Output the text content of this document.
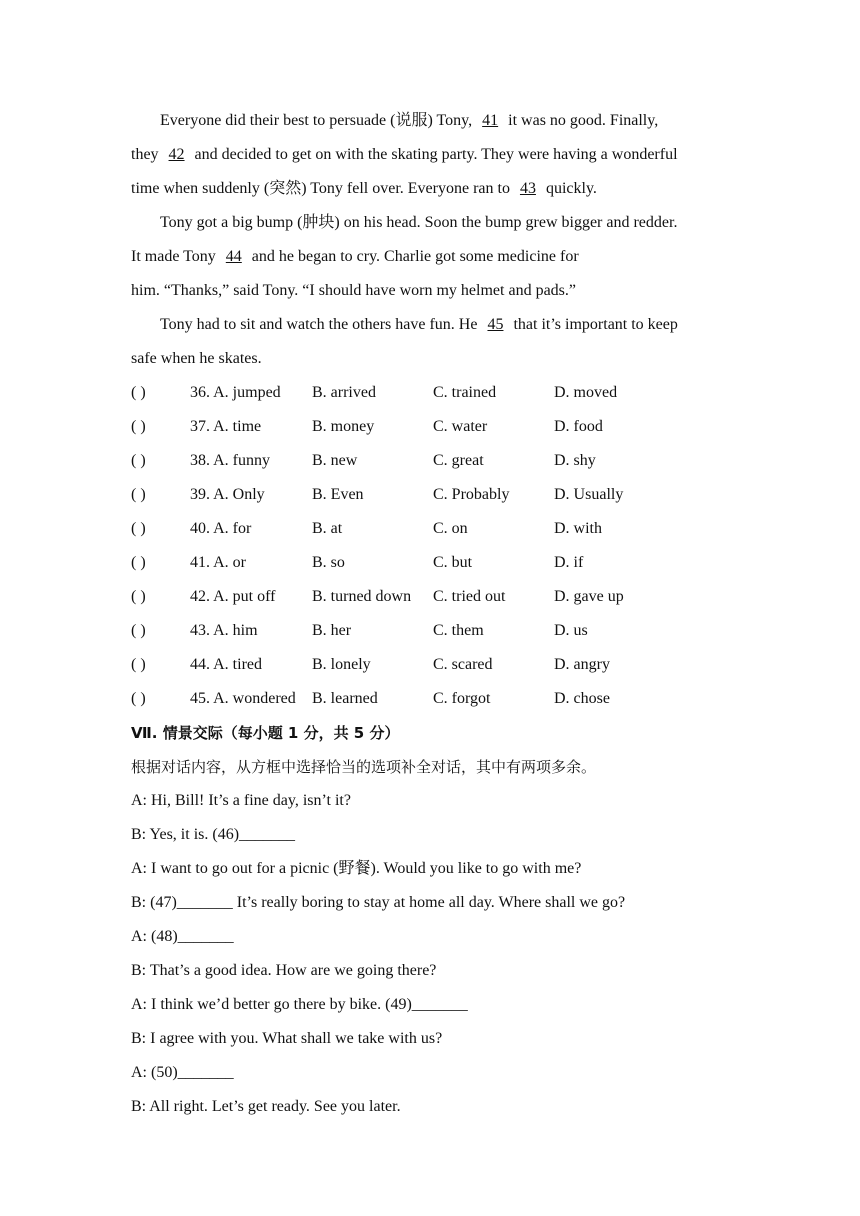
Everyone did their best to persuade (说服) Tony, 41 it was no good. Finally,
they 42 and decided to get on with the skating party. They were having a wonderful
time when suddenly (突然) Tony fell over. Everyone ran to 43 quickly.
Tony got a big bump (肿块) on his head. Soon the bump grew bigger and redder.
It made Tony 44 and he began to cry. Charlie got some medicine for
him. “Thanks,” said Tony. “I should have worn my helmet and pads.”
Tony had to sit and watch the others have fun. He 45 that it’s important to keep
safe when he skates.
( )	36. A. jumped	B. arrived	C. trained	D. moved
( )	37. A. time	B. money	C. water	D. food
( )	38. A. funny	B. new	C. great	D. shy
( )	39. A. Only	B. Even	C. Probably	D. Usually
( )	40. A. for	B. at	C. on	D. with
( )	41. A. or	B. so	C. but	D. if
( )	42. A. put off	B. turned down	C. tried out	D. gave up
( )	43. A. him	B. her	C. them	D. us
( )	44. A. tired	B. lonely	C. scared	D. angry
( )	45. A. wondered	B. learned	C. forgot	D. chose
Ⅶ. 情景交际（每小题 1 分，共 5 分）
根据对话内容，从方框中选择恰当的选项补全对话，其中有两项多余。
A: Hi, Bill! It’s a fine day, isn’t it?
B: Yes, it is. (46)_______
A: I want to go out for a picnic (野餐). Would you like to go with me?
B: (47)_______ It’s really boring to stay at home all day. Where shall we go?
A: (48)_______
B: That’s a good idea. How are we going there?
A: I think we’d better go there by bike. (49)_______
B: I agree with you. What shall we take with us?
A: (50)_______
B: All right. Let’s get ready. See you later.
